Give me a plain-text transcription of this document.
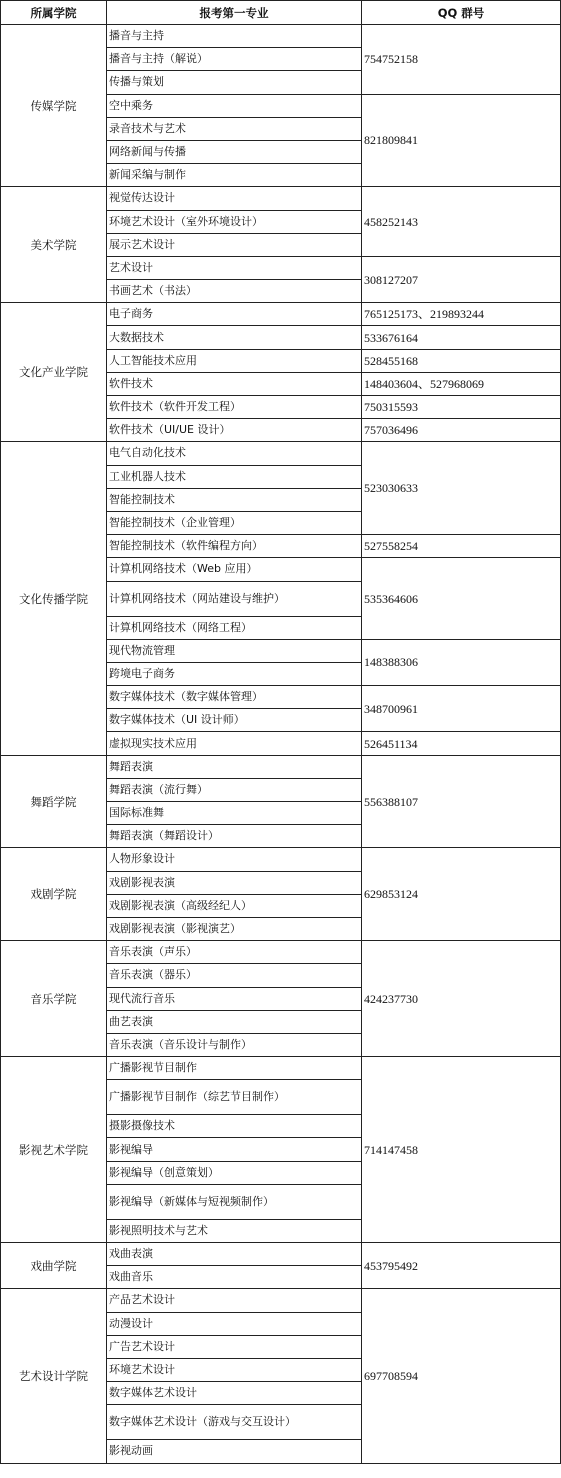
所属学院	报考第一专业	QQ 群号
传媒学院	播音与主持	754752158
	播音与主持（解说）	
	传播与策划	
	空中乘务	821809841
	录音技术与艺术	
	网络新闻与传播	
	新闻采编与制作	
美术学院	视觉传达设计	458252143
	环境艺术设计（室外环境设计）	
	展示艺术设计	
	艺术设计	308127207
	书画艺术（书法）	
文化产业学院	电子商务	765125173、219893244
	大数据技术	533676164
	人工智能技术应用	528455168
	软件技术	148403604、527968069
	软件技术（软件开发工程）	750315593
	软件技术（UI/UE 设计）	757036496
文化传播学院	电气自动化技术	523030633
	工业机器人技术	
	智能控制技术	
	智能控制技术（企业管理）	
	智能控制技术（软件编程方向）	527558254
	计算机网络技术（Web 应用）	535364606
	计算机网络技术（网站建设与维护）	
	计算机网络技术（网络工程）	
	现代物流管理	148388306
	跨境电子商务	
	数字媒体技术（数字媒体管理）	348700961
	数字媒体技术（UI 设计师）	
	虚拟现实技术应用	526451134
舞蹈学院	舞蹈表演	556388107
	舞蹈表演（流行舞）	
	国际标准舞	
	舞蹈表演（舞蹈设计）	
戏剧学院	人物形象设计	629853124
	戏剧影视表演	
	戏剧影视表演（高级经纪人）	
	戏剧影视表演（影视演艺）	
音乐学院	音乐表演（声乐）	424237730
	音乐表演（器乐）	
	现代流行音乐	
	曲艺表演	
	音乐表演（音乐设计与制作）	
影视艺术学院	广播影视节目制作	714147458
	广播影视节目制作（综艺节目制作）	
	摄影摄像技术	
	影视编导	
	影视编导（创意策划）	
	影视编导（新媒体与短视频制作）	
	影视照明技术与艺术	
戏曲学院	戏曲表演	453795492
	戏曲音乐	
艺术设计学院	产品艺术设计	697708594
	动漫设计	
	广告艺术设计	
	环境艺术设计	
	数字媒体艺术设计	
	数字媒体艺术设计（游戏与交互设计）	
	影视动画	
